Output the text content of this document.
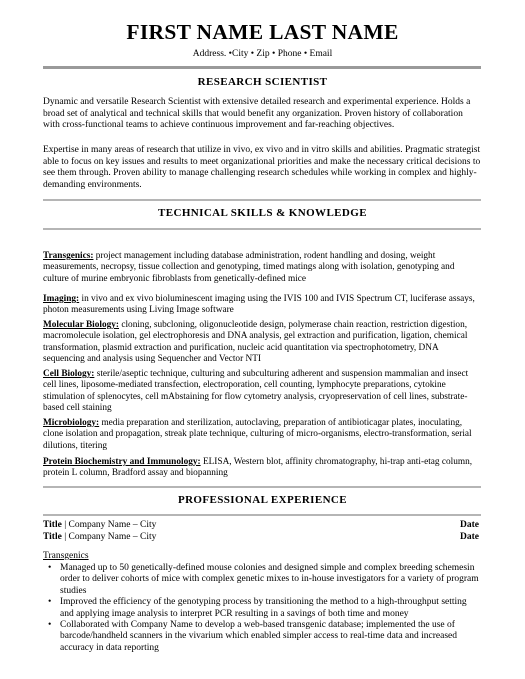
FIRST NAME LAST NAME
Address. •City • Zip • Phone • Email
RESEARCH SCIENTIST
Dynamic and versatile Research Scientist with extensive detailed research and experimental experience. Holds a broad set of analytical and technical skills that would benefit any organization. Proven history of collaboration with cross-functional teams to achieve continuous improvement and far-reaching objectives.
Expertise in many areas of research that utilize in vivo, ex vivo and in vitro skills and abilities. Pragmatic strategist able to focus on key issues and results to meet organizational priorities and make the necessary critical decisions to see them through. Proven ability to manage challenging research schedules while working in complex and highly-demanding environments.
TECHNICAL SKILLS & KNOWLEDGE
Transgenics: project management including database administration, rodent handling and dosing, weight measurements, necropsy, tissue collection and genotyping, timed matings along with isolation, genotyping and culture of murine embryonic fibroblasts from genetically-defined mice
Imaging: in vivo and ex vivo bioluminescent imaging using the IVIS 100 and IVIS Spectrum CT, luciferase assays, photon measurements using Living Image software
Molecular Biology: cloning, subcloning, oligonucleotide design, polymerase chain reaction, restriction digestion, macromolecule isolation, gel electrophoresis and DNA analysis, gel extraction and purification, ligation, chemical transformation, plasmid extraction and purification, nucleic acid quantitation via spectrophotometry, DNA sequencing and analysis using Sequencher and Vector NTI
Cell Biology: sterile/aseptic technique, culturing and subculturing adherent and suspension mammalian and insect cell lines, liposome-mediated transfection, electroporation, cell counting, lymphocyte preparations, cytokine stimulation of splenocytes, cell mAbstaining for flow cytometry analysis, cryopreservation of cell lines, substrate-based cell staining
Microbiology: media preparation and sterilization, autoclaving, preparation of antibioticagar plates, inoculating, clone isolation and propagation, streak plate technique, culturing of micro-organisms, electro-transformation, serial dilutions, titering
Protein Biochemistry and Immunology: ELISA, Western blot, affinity chromatography, hi-trap anti-etag column, protein L column, Bradford assay and biopanning
PROFESSIONAL EXPERIENCE
Title | Company Name – City	Date
Title | Company Name – City	Date
Transgenics
• Managed up to 50 genetically-defined mouse colonies and designed simple and complex breeding schemesin order to deliver cohorts of mice with complex genetic mixes to in-house investigators for a variety of program studies
• Improved the efficiency of the genotyping process by transitioning the method to a high-throughput setting and applying image analysis to interpret PCR resulting in a savings of both time and money
• Collaborated with Company Name to develop a web-based transgenic database; implemented the use of barcode/handheld scanners in the vivarium which enabled simpler access to real-time data and increased accuracy in data reporting
